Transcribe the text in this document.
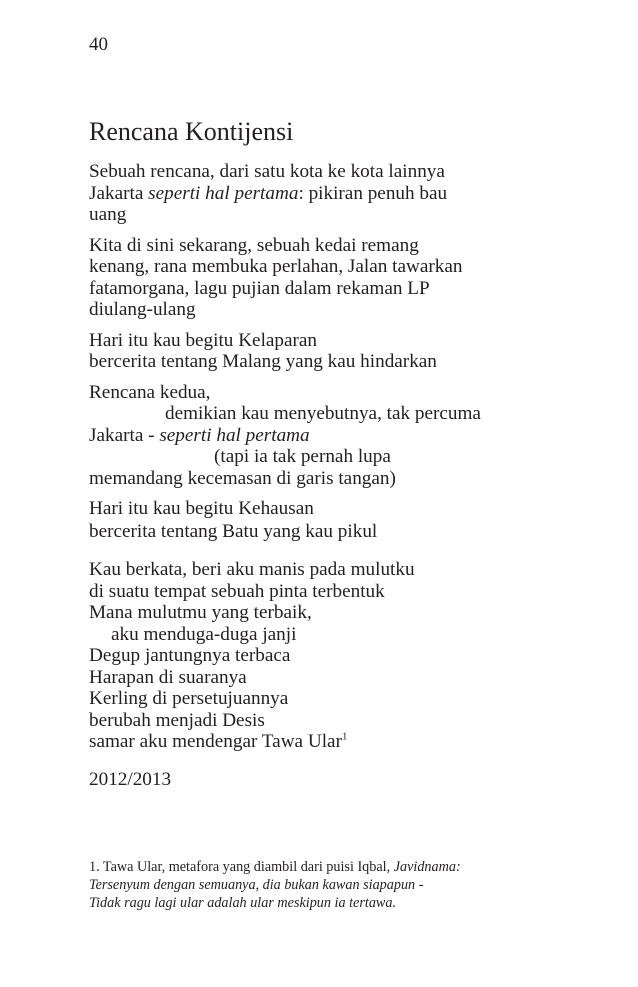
40
Rencana Kontijensi
Sebuah rencana, dari satu kota ke kota lainnya
Jakarta seperti hal pertama: pikiran penuh bau
uang
Kita di sini sekarang, sebuah kedai remang
kenang, rana membuka perlahan, Jalan tawarkan
fatamorgana, lagu pujian dalam rekaman LP
diulang-ulang
Hari itu kau begitu Kelaparan
bercerita tentang Malang yang kau hindarkan
Rencana kedua,
demikian kau menyebutnya, tak percuma
Jakarta - seperti hal pertama
(tapi ia tak pernah lupa
memandang kecemasan di garis tangan)
Hari itu kau begitu Kehausan
bercerita tentang Batu yang kau pikul
Kau berkata, beri aku manis pada mulutku
di suatu tempat sebuah pinta terbentuk
Mana mulutmu yang terbaik,
aku menduga-duga janji
Degup jantungnya terbaca
Harapan di suaranya
Kerling di persetujuannya
berubah menjadi Desis
samar aku mendengar Tawa Ular$^1$
2012/2013
1. Tawa Ular, metafora yang diambil dari puisi Iqbal, Javidnama:
Tersenyum dengan semuanya, dia bukan kawan siapapun -
Tidak ragu lagi ular adalah ular meskipun ia tertawa.
